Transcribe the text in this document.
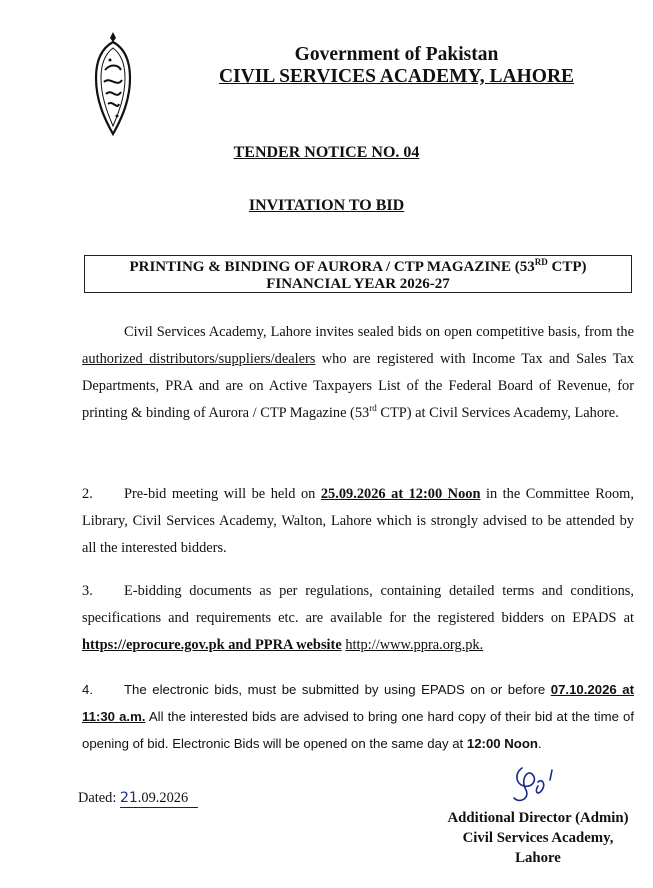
Government of Pakistan
CIVIL SERVICES ACADEMY, LAHORE
TENDER NOTICE NO. 04
INVITATION TO BID
PRINTING & BINDING OF AURORA / CTP MAGAZINE (53RD CTP)
FINANCIAL YEAR 2026-27
Civil Services Academy, Lahore invites sealed bids on open competitive basis, from the authorized distributors/suppliers/dealers who are registered with Income Tax and Sales Tax Departments, PRA and are on Active Taxpayers List of the Federal Board of Revenue, for printing & binding of Aurora / CTP Magazine (53rd CTP) at Civil Services Academy, Lahore.
2. Pre-bid meeting will be held on 25.09.2026 at 12:00 Noon in the Committee Room, Library, Civil Services Academy, Walton, Lahore which is strongly advised to be attended by all the interested bidders.
3. E-bidding documents as per regulations, containing detailed terms and conditions, specifications and requirements etc. are available for the registered bidders on EPADS at https://eprocure.gov.pk and PPRA website http://www.ppra.org.pk.
4. The electronic bids, must be submitted by using EPADS on or before 07.10.2026 at 11:30 a.m. All the interested bids are advised to bring one hard copy of their bid at the time of opening of bid. Electronic Bids will be opened on the same day at 12:00 Noon.
Dated: 21.09.2026
Additional Director (Admin)
Civil Services Academy,
Lahore
